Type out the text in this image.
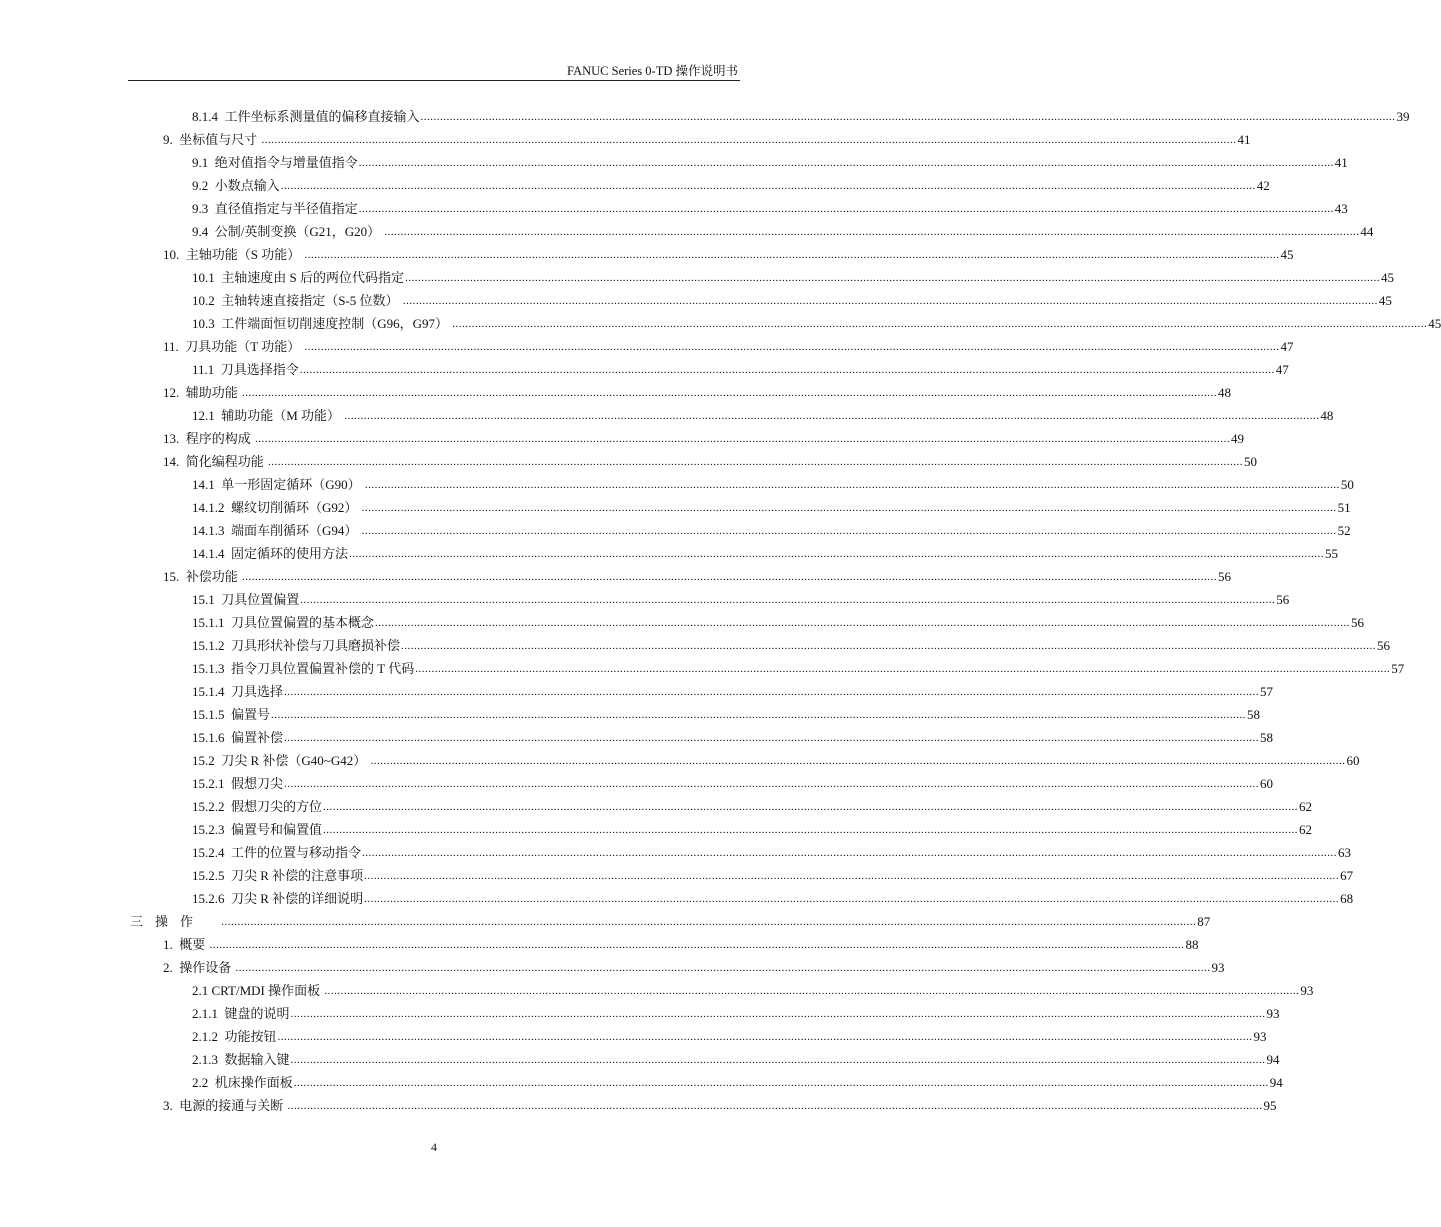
FANUC Series 0-TD 操作说明书
8.1.4  工件坐标系测量值的偏移直接输入 ............................................................................................................................................................................................................................................................................................................ 39
9.  坐标值与尺寸 ............................................................................................................................................................................................................................................................................................................ 41
9.1  绝对值指令与增量值指令 ............................................................................................................................................................................................................................................................................................................ 41
9.2  小数点输入 ............................................................................................................................................................................................................................................................................................................ 42
9.3  直径值指定与半径值指定 ............................................................................................................................................................................................................................................................................................................ 43
9.4  公制/英制变换（G21，G20） ............................................................................................................................................................................................................................................................................................................ 44
10.  主轴功能（S 功能） ............................................................................................................................................................................................................................................................................................................ 45
10.1  主轴速度由 S 后的两位代码指定 ............................................................................................................................................................................................................................................................................................................ 45
10.2  主轴转速直接指定（S-5 位数） ............................................................................................................................................................................................................................................................................................................ 45
10.3  工件端面恒切削速度控制（G96，G97） ............................................................................................................................................................................................................................................................................................................ 45
11.  刀具功能（T 功能） ............................................................................................................................................................................................................................................................................................................ 47
11.1  刀具选择指令 ............................................................................................................................................................................................................................................................................................................ 47
12.  辅助功能 ............................................................................................................................................................................................................................................................................................................ 48
12.1  辅助功能（M 功能） ............................................................................................................................................................................................................................................................................................................ 48
13.  程序的构成 ............................................................................................................................................................................................................................................................................................................ 49
14.  简化编程功能 ............................................................................................................................................................................................................................................................................................................ 50
14.1  单一形固定循环（G90） ............................................................................................................................................................................................................................................................................................................ 50
14.1.2  螺纹切削循环（G92） ............................................................................................................................................................................................................................................................................................................ 51
14.1.3  端面车削循环（G94） ............................................................................................................................................................................................................................................................................................................ 52
14.1.4  固定循环的使用方法 ............................................................................................................................................................................................................................................................................................................ 55
15.  补偿功能 ............................................................................................................................................................................................................................................................................................................ 56
15.1  刀具位置偏置 ............................................................................................................................................................................................................................................................................................................ 56
15.1.1  刀具位置偏置的基本概念 ............................................................................................................................................................................................................................................................................................................ 56
15.1.2  刀具形状补偿与刀具磨损补偿 ............................................................................................................................................................................................................................................................................................................ 56
15.1.3  指令刀具位置偏置补偿的 T 代码 ............................................................................................................................................................................................................................................................................................................ 57
15.1.4  刀具选择 ............................................................................................................................................................................................................................................................................................................ 57
15.1.5  偏置号 ............................................................................................................................................................................................................................................................................................................ 58
15.1.6  偏置补偿 ............................................................................................................................................................................................................................................................................................................ 58
15.2  刀尖 R 补偿（G40~G42） ............................................................................................................................................................................................................................................................................................................ 60
15.2.1  假想刀尖 ............................................................................................................................................................................................................................................................................................................ 60
15.2.2  假想刀尖的方位 ............................................................................................................................................................................................................................................................................................................ 62
15.2.3  偏置号和偏置值 ............................................................................................................................................................................................................................................................................................................ 62
15.2.4  工件的位置与移动指令 ............................................................................................................................................................................................................................................................................................................ 63
15.2.5  刀尖 R 补偿的注意事项 ............................................................................................................................................................................................................................................................................................................ 67
15.2.6  刀尖 R 补偿的详细说明 ............................................................................................................................................................................................................................................................................................................ 68
三操作 ............................................................................................................................................................................................................................................................................................................ 87
1.  概要 ............................................................................................................................................................................................................................................................................................................ 88
2.  操作设备 ............................................................................................................................................................................................................................................................................................................ 93
2.1 CRT/MDI 操作面板 ............................................................................................................................................................................................................................................................................................................ 93
2.1.1  键盘的说明 ............................................................................................................................................................................................................................................................................................................ 93
2.1.2  功能按钮 ............................................................................................................................................................................................................................................................................................................ 93
2.1.3  数据输入键 ............................................................................................................................................................................................................................................................................................................ 94
2.2  机床操作面板 ............................................................................................................................................................................................................................................................................................................ 94
3.  电源的接通与关断 ............................................................................................................................................................................................................................................................................................................ 95
4
